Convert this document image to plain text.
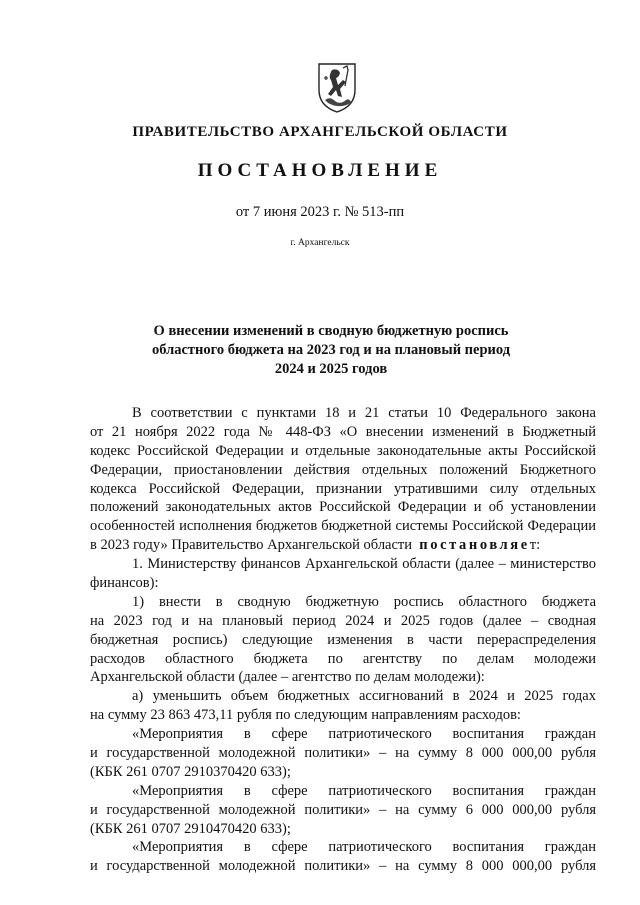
ПРАВИТЕЛЬСТВО АРХАНГЕЛЬСКОЙ ОБЛАСТИ
ПОСТАНОВЛЕНИЕ
от 7 июня 2023 г. № 513-пп
г. Архангельск
О внесении изменений в сводную бюджетную роспись
областного бюджета на 2023 год и на плановый период
2024 и 2025 годов
В соответствии с пунктами 18 и 21 статьи 10 Федерального закона
от 21 ноября 2022 года № 448-ФЗ «О внесении изменений в Бюджетный
кодекс Российской Федерации и отдельные законодательные акты Российской
Федерации, приостановлении действия отдельных положений Бюджетного
кодекса Российской Федерации, признании утратившими силу отдельных
положений законодательных актов Российской Федерации и об установлении
особенностей исполнения бюджетов бюджетной системы Российской Федерации
в 2023 году» Правительство Архангельской области постановляет:
1. Министерству финансов Архангельской области (далее – министерство
финансов):
1) внести в сводную бюджетную роспись областного бюджета
на 2023 год и на плановый период 2024 и 2025 годов (далее – сводная
бюджетная роспись) следующие изменения в части перераспределения
расходов областного бюджета по агентству по делам молодежи
Архангельской области (далее – агентство по делам молодежи):
а) уменьшить объем бюджетных ассигнований в 2024 и 2025 годах
на сумму 23 863 473,11 рубля по следующим направлениям расходов:
«Мероприятия в сфере патриотического воспитания граждан
и государственной молодежной политики» – на сумму 8 000 000,00 рубля
(КБК 261 0707 2910370420 633);
«Мероприятия в сфере патриотического воспитания граждан
и государственной молодежной политики» – на сумму 6 000 000,00 рубля
(КБК 261 0707 2910470420 633);
«Мероприятия в сфере патриотического воспитания граждан
и государственной молодежной политики» – на сумму 8 000 000,00 рубля
